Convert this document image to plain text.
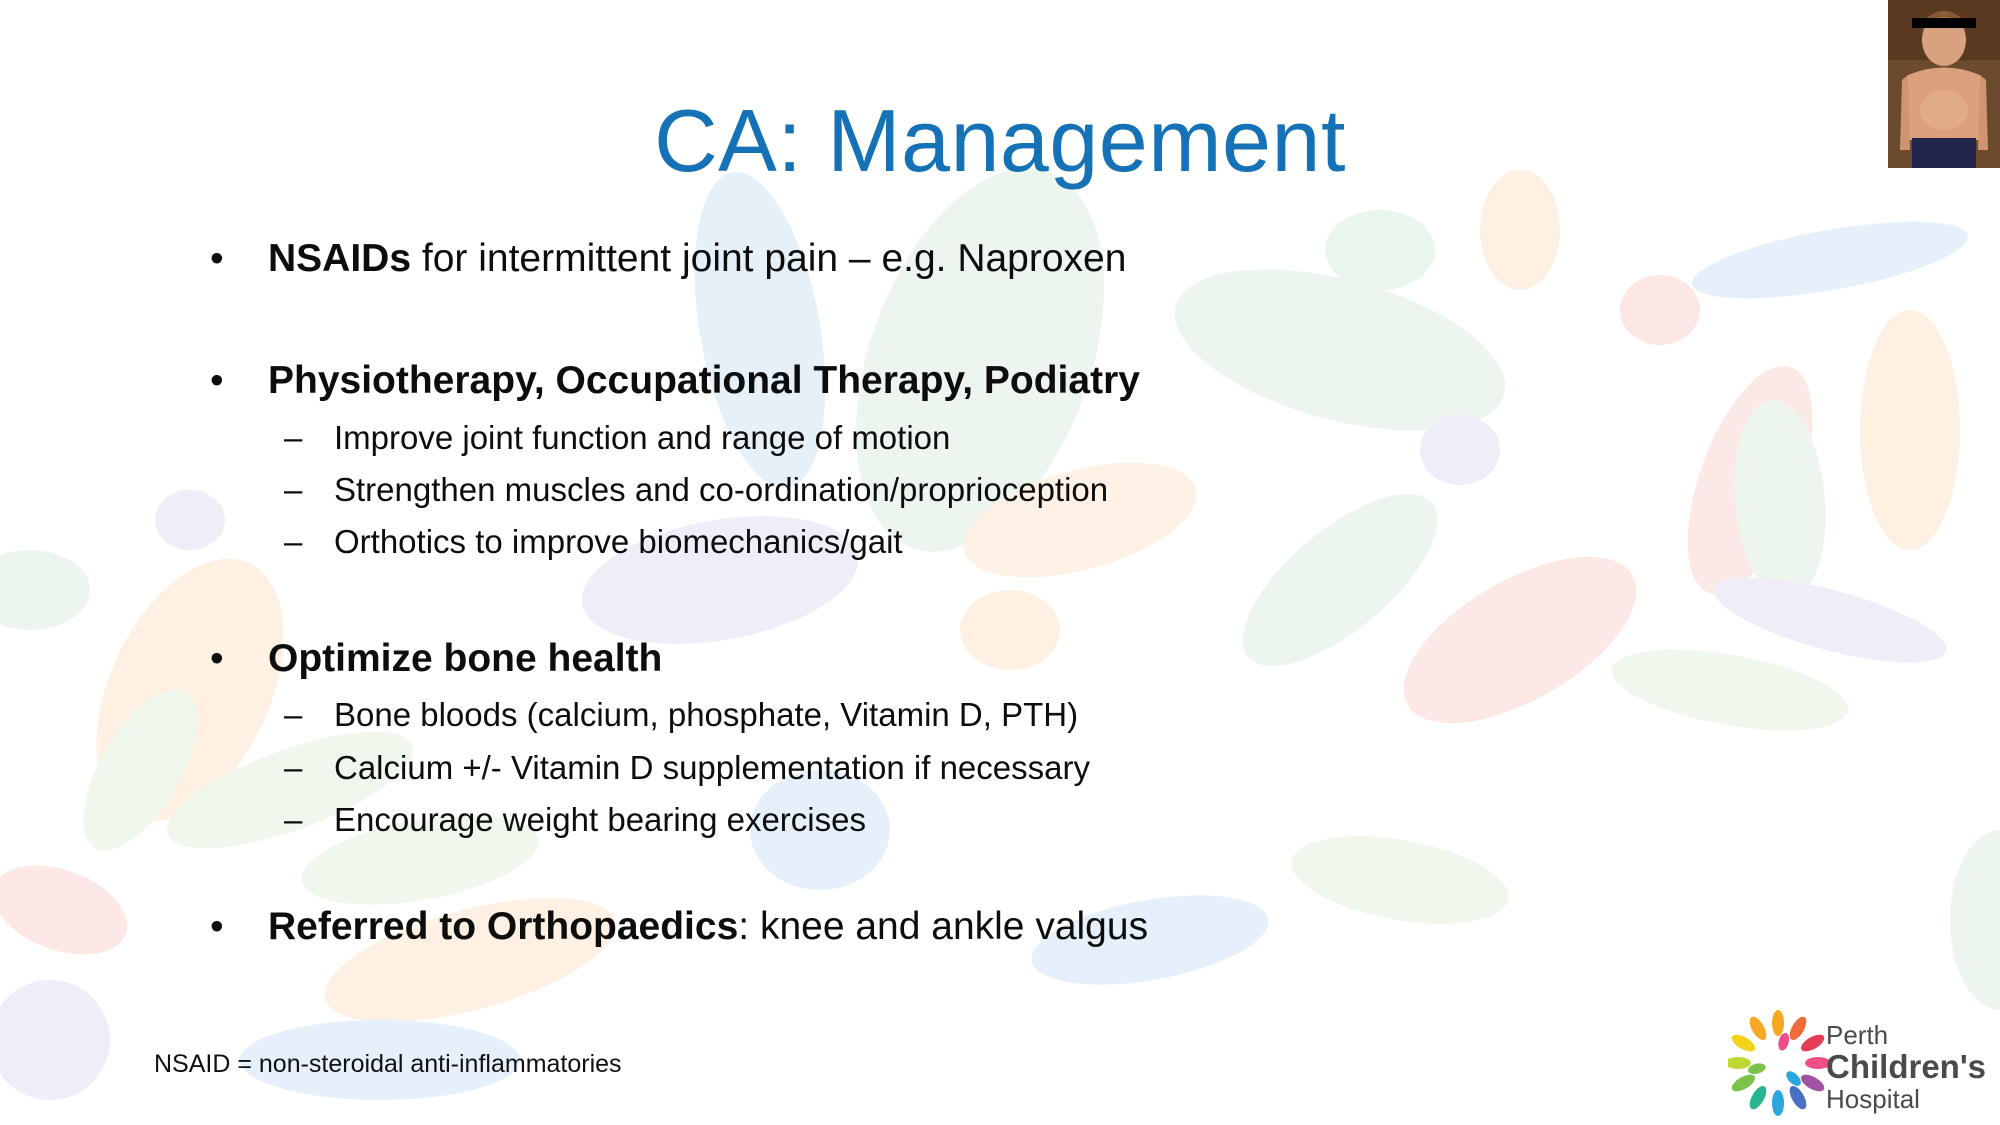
CA: Management
•	NSAIDs for intermittent joint pain – e.g. Naproxen
•	Physiotherapy, Occupational Therapy, Podiatry
– Improve joint function and range of motion
– Strengthen muscles and co-ordination/proprioception
– Orthotics to improve biomechanics/gait
•	Optimize bone health
– Bone bloods (calcium, phosphate, Vitamin D, PTH)
– Calcium +/- Vitamin D supplementation if necessary
– Encourage weight bearing exercises
•	Referred to Orthopaedics: knee and ankle valgus
NSAID = non-steroidal anti-inflammatories
Perth
Children's
Hospital
